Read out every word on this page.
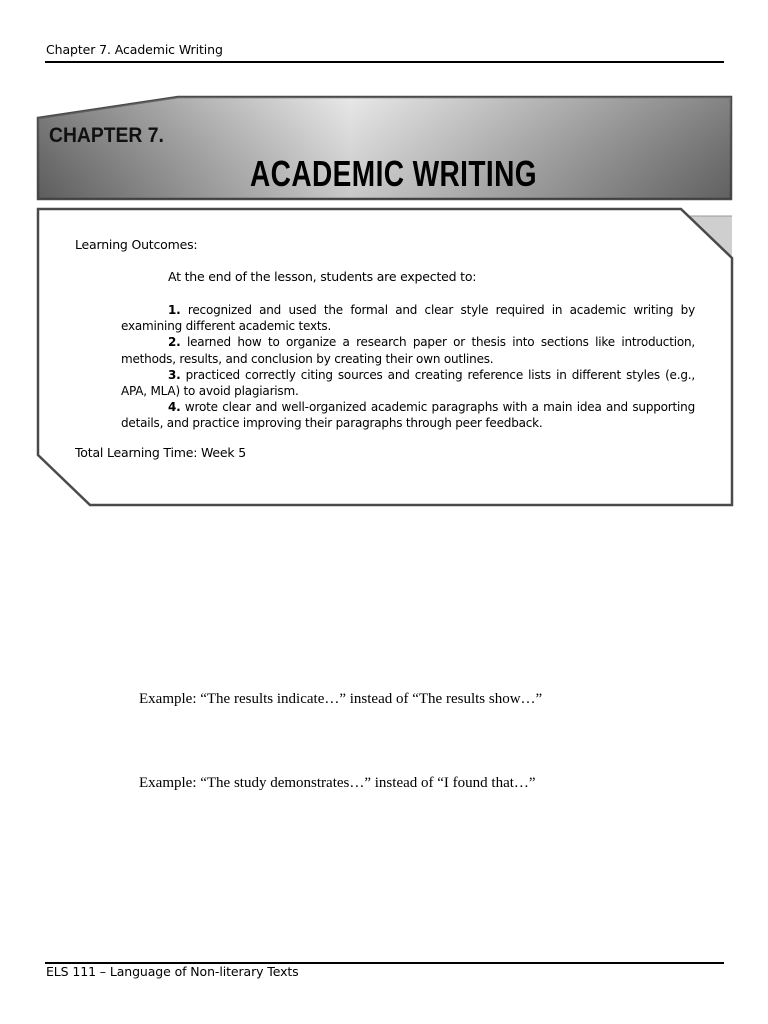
Chapter 7. Academic Writing
CHAPTER 7.
ACADEMIC WRITING
Learning Outcomes:
At the end of the lesson, students are expected to:
1. recognized and used the formal and clear style required in academic writing by examining different academic texts.
2. learned how to organize a research paper or thesis into sections like introduction, methods, results, and conclusion by creating their own outlines.
3. practiced correctly citing sources and creating reference lists in different styles (e.g., APA, MLA) to avoid plagiarism.
4. wrote clear and well-organized academic paragraphs with a main idea and supporting details, and practice improving their paragraphs through peer feedback.
Total Learning Time: Week 5
Example: “The results indicate…” instead of “The results show…”
Example: “The study demonstrates…” instead of “I found that…”
ELS 111 – Language of Non-literary Texts
